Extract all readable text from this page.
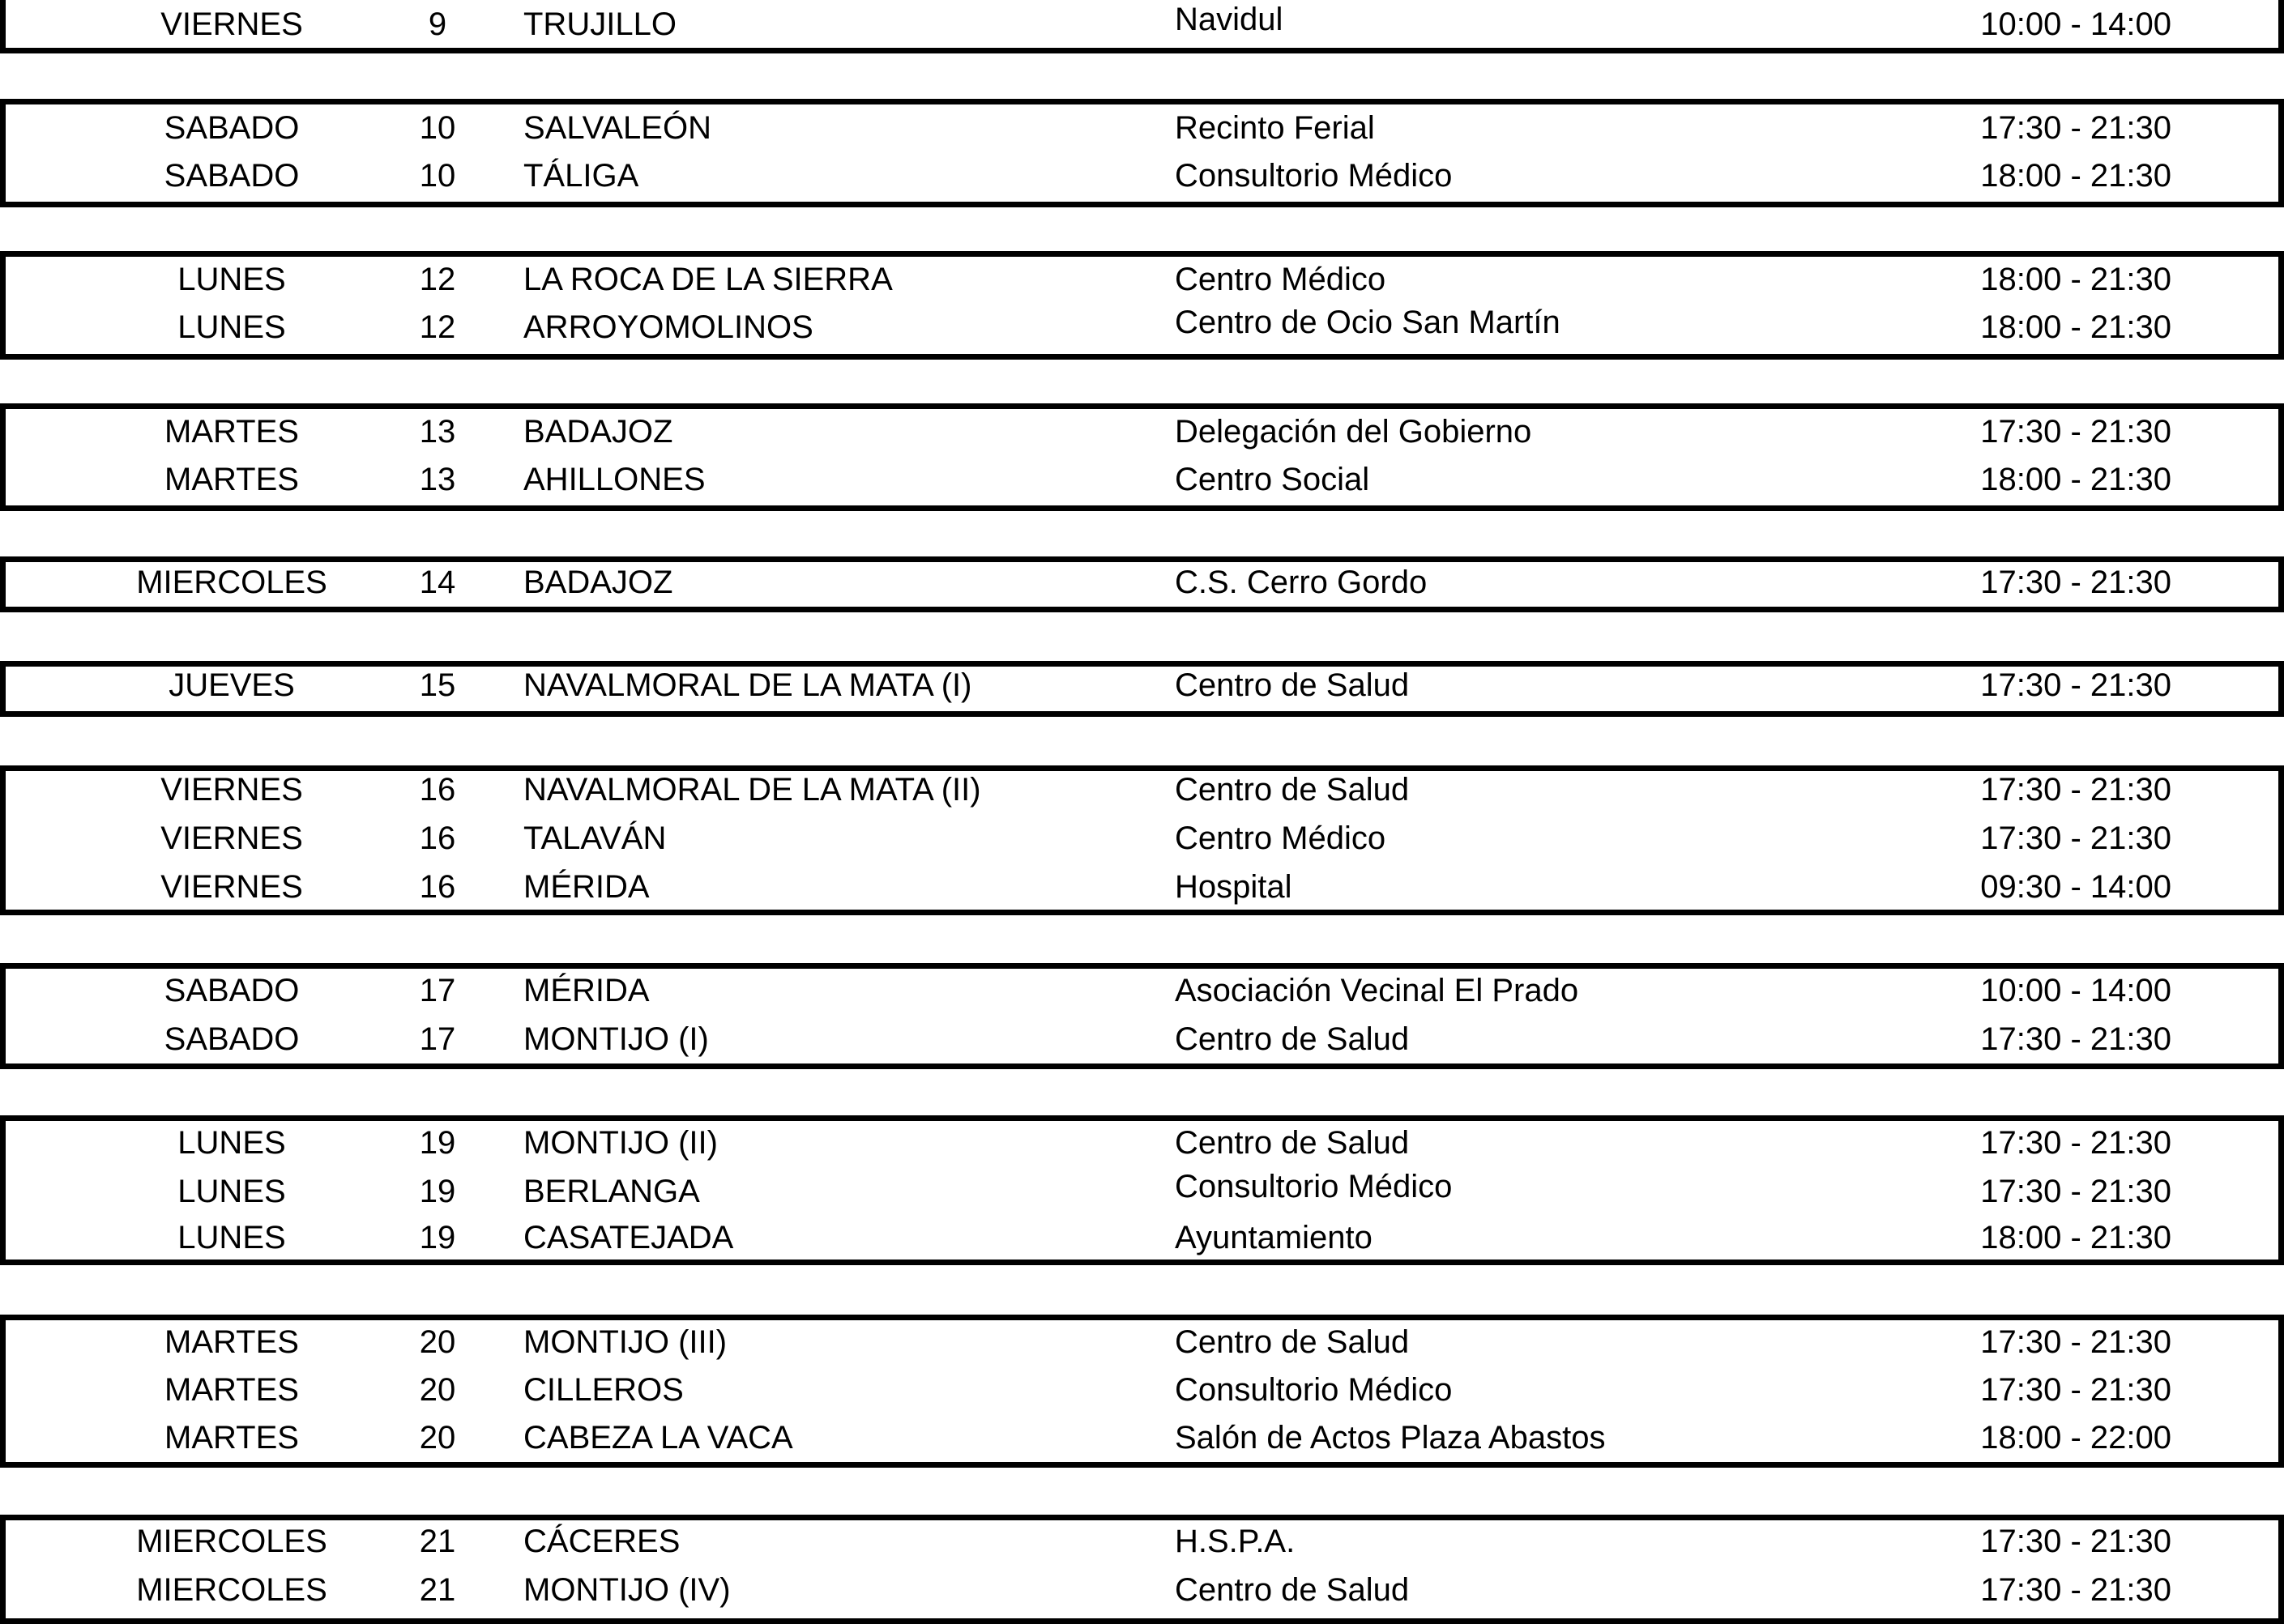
VIERNES	9	TRUJILLO	Navidul	10:00 - 14:00
SABADO	10	SALVALEÓN	Recinto Ferial	17:30 - 21:30
SABADO	10	TÁLIGA	Consultorio Médico	18:00 - 21:30
LUNES	12	LA ROCA DE LA SIERRA	Centro Médico	18:00 - 21:30
LUNES	12	ARROYOMOLINOS	Centro de Ocio San Martín	18:00 - 21:30
MARTES	13	BADAJOZ	Delegación del Gobierno	17:30 - 21:30
MARTES	13	AHILLONES	Centro Social	18:00 - 21:30
MIERCOLES	14	BADAJOZ	C.S. Cerro Gordo	17:30 - 21:30
JUEVES	15	NAVALMORAL DE LA MATA (I)	Centro de Salud	17:30 - 21:30
VIERNES	16	NAVALMORAL DE LA MATA (II)	Centro de Salud	17:30 - 21:30
VIERNES	16	TALAVÁN	Centro Médico	17:30 - 21:30
VIERNES	16	MÉRIDA	Hospital	09:30 - 14:00
SABADO	17	MÉRIDA	Asociación Vecinal El Prado	10:00 - 14:00
SABADO	17	MONTIJO (I)	Centro de Salud	17:30 - 21:30
LUNES	19	MONTIJO (II)	Centro de Salud	17:30 - 21:30
LUNES	19	BERLANGA	Consultorio Médico	17:30 - 21:30
LUNES	19	CASATEJADA	Ayuntamiento	18:00 - 21:30
MARTES	20	MONTIJO (III)	Centro de Salud	17:30 - 21:30
MARTES	20	CILLEROS	Consultorio Médico	17:30 - 21:30
MARTES	20	CABEZA LA VACA	Salón de Actos Plaza Abastos	18:00 - 22:00
MIERCOLES	21	CÁCERES	H.S.P.A.	17:30 - 21:30
MIERCOLES	21	MONTIJO (IV)	Centro de Salud	17:30 - 21:30
